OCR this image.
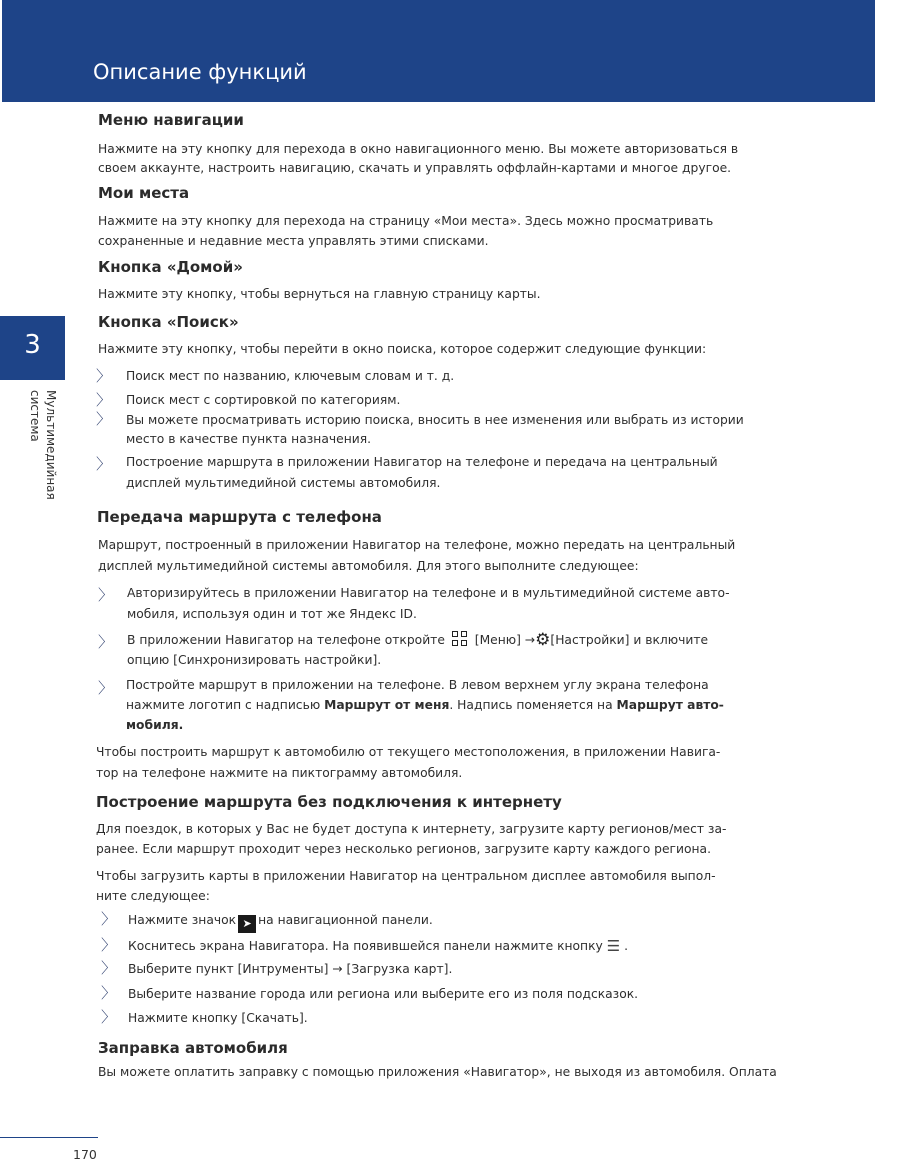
Описание функций
3
Мультимедийная
система
Меню навигации
Нажмите на эту кнопку для перехода в окно навигационного меню. Вы можете авторизоваться в
своем аккаунте, настроить навигацию, скачать и управлять оффлайн-картами и многое другое.
Мои места
Нажмите на эту кнопку для перехода на страницу «Мои места». Здесь можно просматривать
сохраненные и недавние места управлять этими списками.
Кнопка «Домой»
Нажмите эту кнопку, чтобы вернуться на главную страницу карты.
Кнопка «Поиск»
Нажмите эту кнопку, чтобы перейти в окно поиска, которое содержит следующие функции:
〉 Поиск мест по названию, ключевым словам и т. д.
〉 Поиск мест с сортировкой по категориям.
〉 Вы можете просматривать историю поиска, вносить в нее изменения или выбрать из истории
место в качестве пункта назначения.
〉 Построение маршрута в приложении Навигатор на телефоне и передача на центральный
дисплей мультимедийной системы автомобиля.
Передача маршрута с телефона
Маршрут, построенный в приложении Навигатор на телефоне, можно передать на центральный
дисплей мультимедийной системы автомобиля. Для этого выполните следующее:
〉 Авторизируйтесь в приложении Навигатор на телефоне и в мультимедийной системе авто-
мобиля, используя один и тот же Яндекс ID.
〉 В приложении Навигатор на телефоне откройте [Меню] →⚙[Настройки] и включите
опцию [Синхронизировать настройки].
〉 Постройте маршрут в приложении на телефоне. В левом верхнем углу экрана телефона
нажмите логотип с надписью Маршрут от меня. Надпись поменяется на Маршрут авто-
мобиля.
Чтобы построить маршрут к автомобилю от текущего местоположения, в приложении Навига-
тор на телефоне нажмите на пиктограмму автомобиля.
Построение маршрута без подключения к интернету
Для поездок, в которых у Вас не будет доступа к интернету, загрузите карту регионов/мест за-
ранее. Если маршрут проходит через несколько регионов, загрузите карту каждого региона.
Чтобы загрузить карты в приложении Навигатор на центральном дисплее автомобиля выпол-
ните следующее:
〉 Нажмите значок ➤ на навигационной панели.
〉 Коснитесь экрана Навигатора. На появившейся панели нажмите кнопку ☰ .
〉 Выберите пункт [Интрументы] → [Загрузка карт].
〉 Выберите название города или региона или выберите его из поля подсказок.
〉 Нажмите кнопку [Скачать].
Заправка автомобиля
Вы можете оплатить заправку с помощью приложения «Навигатор», не выходя из автомобиля. Оплата
170
